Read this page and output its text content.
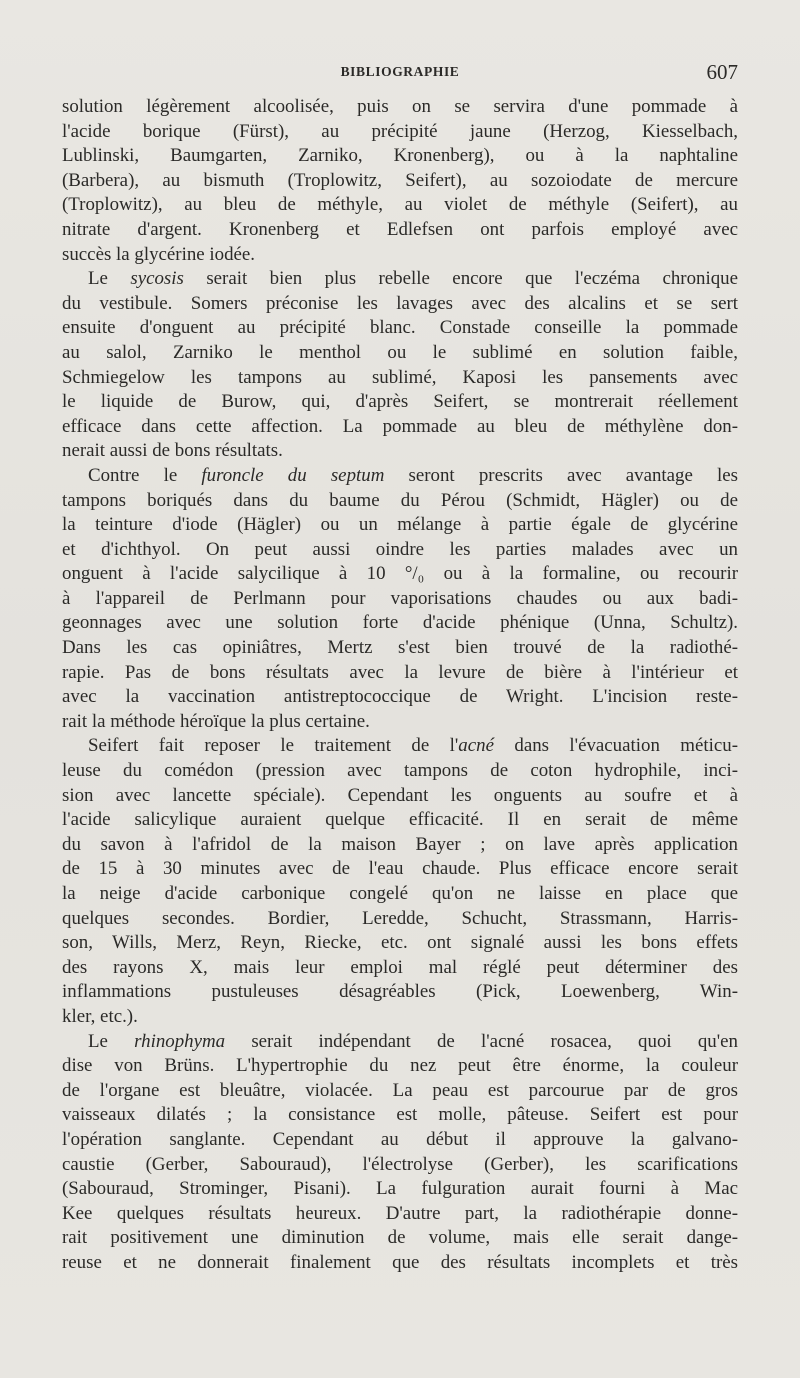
BIBLIOGRAPHIE	607
solution légèrement alcoolisée, puis on se servira d'une pommade à
l'acide borique (Fürst), au précipité jaune (Herzog, Kiesselbach,
Lublinski, Baumgarten, Zarniko, Kronenberg), ou à la naphtaline
(Barbera), au bismuth (Troplowitz, Seifert), au sozoiodate de mercure
(Troplowitz), au bleu de méthyle, au violet de méthyle (Seifert), au
nitrate d'argent. Kronenberg et Edlefsen ont parfois employé avec
succès la glycérine iodée.
Le sycosis serait bien plus rebelle encore que l'eczéma chronique
du vestibule. Somers préconise les lavages avec des alcalins et se sert
ensuite d'onguent au précipité blanc. Constade conseille la pommade
au salol, Zarniko le menthol ou le sublimé en solution faible,
Schmiegelow les tampons au sublimé, Kaposi les pansements avec
le liquide de Burow, qui, d'après Seifert, se montrerait réellement
efficace dans cette affection. La pommade au bleu de méthylène don-
nerait aussi de bons résultats.
Contre le furoncle du septum seront prescrits avec avantage les
tampons boriqués dans du baume du Pérou (Schmidt, Hägler) ou de
la teinture d'iode (Hägler) ou un mélange à partie égale de glycérine
et d'ichthyol. On peut aussi oindre les parties malades avec un
onguent à l'acide salycilique à 10 °/₀ ou à la formaline, ou recourir
à l'appareil de Perlmann pour vaporisations chaudes ou aux badi-
geonnages avec une solution forte d'acide phénique (Unna, Schultz).
Dans les cas opiniâtres, Mertz s'est bien trouvé de la radiothé-
rapie. Pas de bons résultats avec la levure de bière à l'intérieur et
avec la vaccination antistreptococcique de Wright. L'incision reste-
rait la méthode héroïque la plus certaine.
Seifert fait reposer le traitement de l'acné dans l'évacuation méticu-
leuse du comédon (pression avec tampons de coton hydrophile, inci-
sion avec lancette spéciale). Cependant les onguents au soufre et à
l'acide salicylique auraient quelque efficacité. Il en serait de même
du savon à l'afridol de la maison Bayer ; on lave après application
de 15 à 30 minutes avec de l'eau chaude. Plus efficace encore serait
la neige d'acide carbonique congelé qu'on ne laisse en place que
quelques secondes. Bordier, Leredde, Schucht, Strassmann, Harris-
son, Wills, Merz, Reyn, Riecke, etc. ont signalé aussi les bons effets
des rayons X, mais leur emploi mal réglé peut déterminer des
inflammations pustuleuses désagréables (Pick, Loewenberg, Win-
kler, etc.).
Le rhinophyma serait indépendant de l'acné rosacea, quoi qu'en
dise von Brüns. L'hypertrophie du nez peut être énorme, la couleur
de l'organe est bleuâtre, violacée. La peau est parcourue par de gros
vaisseaux dilatés ; la consistance est molle, pâteuse. Seifert est pour
l'opération sanglante. Cependant au début il approuve la galvano-
caustie (Gerber, Sabouraud), l'électrolyse (Gerber), les scarifications
(Sabouraud, Strominger, Pisani). La fulguration aurait fourni à Mac
Kee quelques résultats heureux. D'autre part, la radiothérapie donne-
rait positivement une diminution de volume, mais elle serait dange-
reuse et ne donnerait finalement que des résultats incomplets et très
